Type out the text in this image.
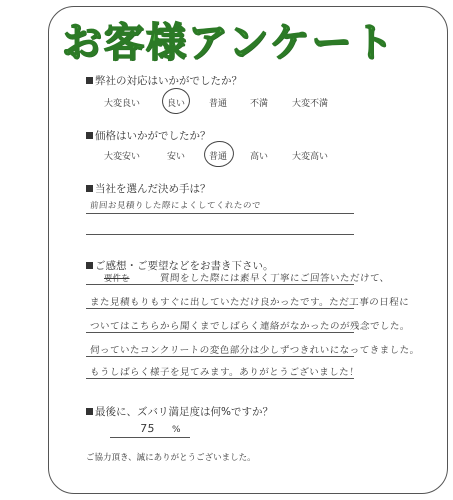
お客様アンケート
弊社の対応はいかがでしたか？
大変良い	良い	普通	不満	大変不満
価格はいかがでしたか？
大変安い	安い	普通	高い	大変高い
当社を選んだ決め手は？
前回お見積りした際によくしてくれたので
ご感想・ご要望などをお書き下さい。
要件を	質問をした際には素早く丁寧にご回答いただけて、
また見積もりもすぐに出していただけ良かったです。ただ工事の日程に
ついてはこちらから聞くまでしばらく連絡がなかったのが残念でした。
伺っていたコンクリートの変色部分は少しずつきれいになってきました。
もうしばらく様子を見てみます。ありがとうございました！
最後に、ズバリ満足度は何%ですか？
75 %
ご協力頂き、誠にありがとうございました。
